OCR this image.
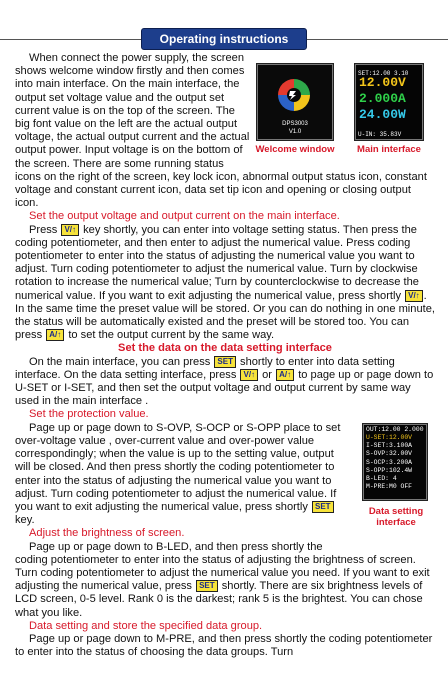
Operating instructions
DPS3003
V1.0
SET:12.00 3.10
12.00V
2.000A
24.00W
U-IN: 35.83V
Welcome window	Main interface

When connect the power supply, the screen shows welcome window firstly and then comes into main interface. On the main interface, the output set voltage value and the output set current value is on the top of the screen. The big font value on the left are the actual output voltage, the actual output current and the actual output power. Input voltage is on the bottom of the screen. There are some running status icons on the right of the screen, key lock icon, abnormal output status icon, constant voltage and constant current icon, data set tip icon and opening or closing output icon.

Set the output voltage and output current on the main interface.

Press V/↑ key shortly, you can enter into voltage setting status. Then press the coding potentiometer, and then enter to adjust the numerical value. Press coding potentiometer to enter into the status of adjusting the numerical value you want to adjust. Turn coding potentiometer to adjust the numerical value. Turn by clockwise rotation to increase the numerical value; Turn by counterclockwise to decrease the numerical value. If you want to exit adjusting the numerical value, press shortly V/↑ . In the same time the preset value will be stored. Or you can do nothing in one minute, the status will be automatically existed and the preset will be stored too. You can press A/↑ to set the output current by the same way.

Set the data on the data setting interface

On the main interface, you can press SET shortly to enter into data setting interface. On the data setting interface, press V/↑ or A/↑ to page up or page down to U-SET or I-SET, and then set the output voltage and output current by same way used in the main interface .

Set the protection value.

OUT:12.00 2.000
U-SET:12.00V
I-SET:3.100A
S-OVP:32.00V
S-OCP:3.200A
S-OPP:102.4W
B-LED: 4
M-PRE:M0 OFF
Data setting interface

Page up or page down to S-OVP, S-OCP or S-OPP place to set over-voltage value , over-current value and over-power value correspondingly; when the value is up to the setting value, output will be closed. And then press shortly the coding potentiometer to enter into the status of adjusting the numerical value you want to adjust. Turn coding potentiometer to adjust the numerical value. If you want to exit adjusting the numerical value, press shortly SET key.

Adjust the brightness of screen.

Page up or page down to B-LED, and then press shortly the coding potentiometer to enter into the status of adjusting the brightness of screen. Turn coding potentiometer to adjust the numerical value you need. If you want to exit adjusting the numerical value, press SET shortly. There are six brightness levels of LCD screen, 0-5 level. Rank 0 is the darkest; rank 5 is the brightest. You can chose what you like.

Data setting and store the specified data group.

Page up or page down to M-PRE, and then press shortly the coding potentiometer to enter into the status of choosing the data groups. Turn
